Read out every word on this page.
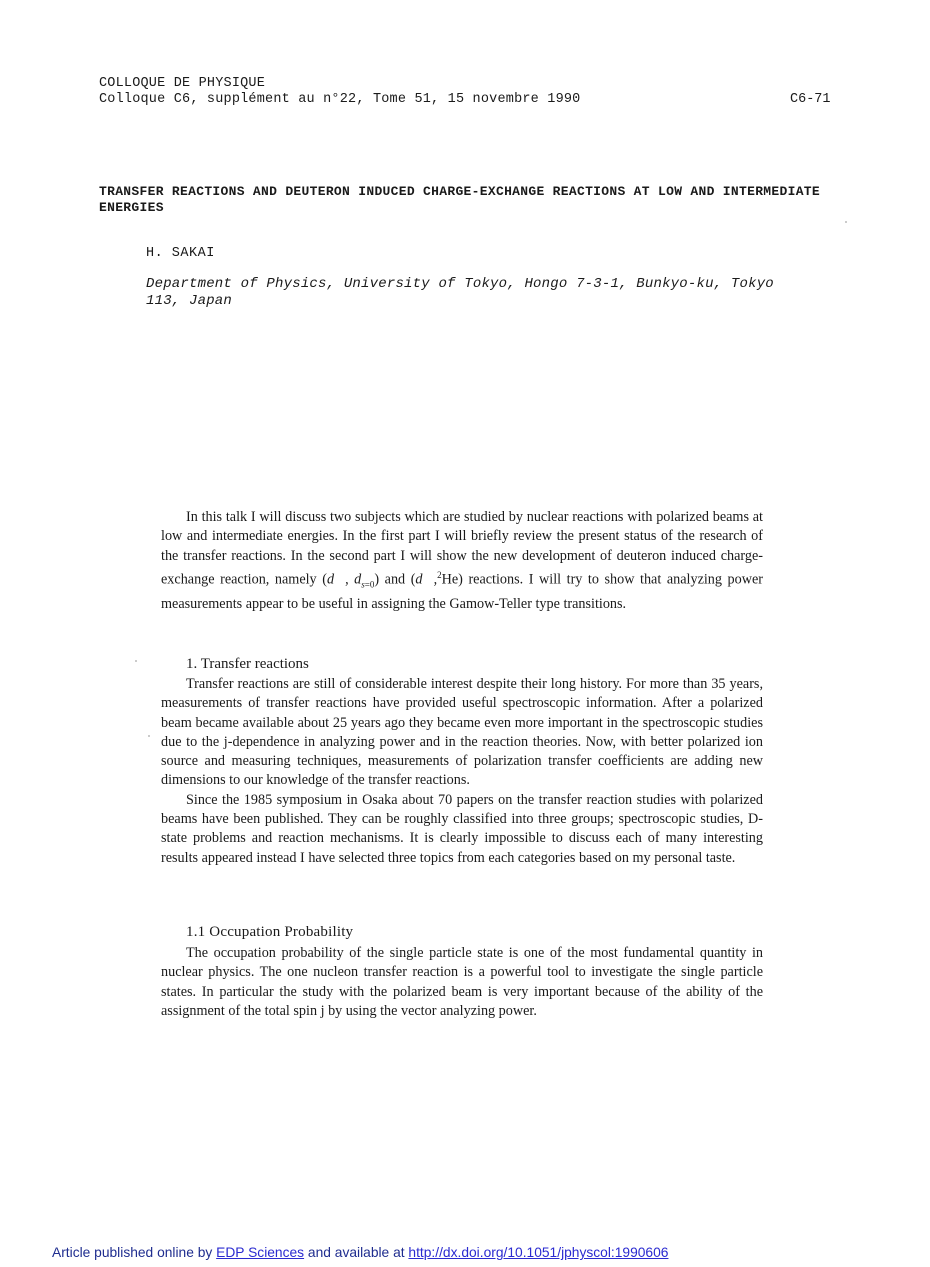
COLLOQUE DE PHYSIQUE
Colloque C6, supplément au n°22, Tome 51, 15 novembre 1990	C6-71
TRANSFER REACTIONS AND DEUTERON INDUCED CHARGE-EXCHANGE REACTIONS AT LOW AND INTERMEDIATE ENERGIES
H. SAKAI
Department of Physics, University of Tokyo, Hongo 7-3-1, Bunkyo-ku, Tokyo 113, Japan

In this talk I will discuss two subjects which are studied by nuclear reactions with polarized beams at low and intermediate energies. In the first part I will briefly review the present status of the research of the transfer reactions. In the second part I will show the new development of deuteron induced charge-exchange reaction, namely (d⃗, $d_{s=0}$) and (d⃗,$^2$He) reactions. I will try to show that analyzing power measurements appear to be useful in assigning the Gamow-Teller type transitions.

1. Transfer reactions

Transfer reactions are still of considerable interest despite their long history. For more than 35 years, measurements of transfer reactions have provided useful spectroscopic information. After a polarized beam became available about 25 years ago they became even more important in the spectroscopic studies due to the j-dependence in analyzing power and in the reaction theories. Now, with better polarized ion source and measuring techniques, measurements of polarization transfer coefficients are adding new dimensions to our knowledge of the transfer reactions.

Since the 1985 symposium in Osaka about 70 papers on the transfer reaction studies with polarized beams have been published. They can be roughly classified into three groups; spectroscopic studies, D-state problems and reaction mechanisms. It is clearly impossible to discuss each of many interesting results appeared instead I have selected three topics from each categories based on my personal taste.

1.1 Occupation Probability

The occupation probability of the single particle state is one of the most fundamental quantity in nuclear physics. The one nucleon transfer reaction is a powerful tool to investigate the single particle states. In particular the study with the polarized beam is very important because of the ability of the assignment of the total spin j by using the vector analyzing power.

Article published online by EDP Sciences and available at http://dx.doi.org/10.1051/jphyscol:1990606
